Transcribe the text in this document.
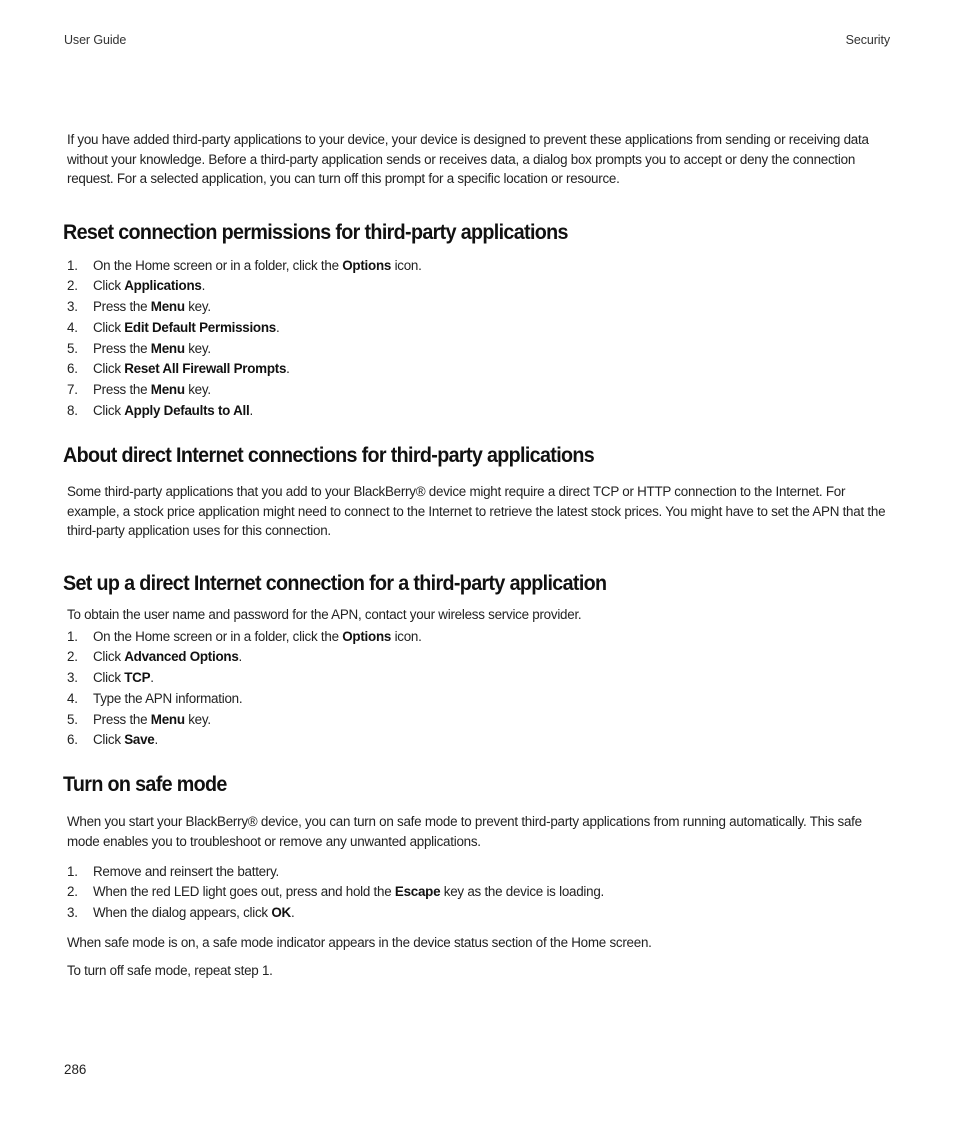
User Guide	Security

If you have added third-party applications to your device, your device is designed to prevent these applications from sending or receiving data without your knowledge. Before a third-party application sends or receives data, a dialog box prompts you to accept or deny the connection request. For a selected application, you can turn off this prompt for a specific location or resource.

Reset connection permissions for third-party applications
1.	On the Home screen or in a folder, click the Options icon.
2.	Click Applications.
3.	Press the Menu key.
4.	Click Edit Default Permissions.
5.	Press the Menu key.
6.	Click Reset All Firewall Prompts.
7.	Press the Menu key.
8.	Click Apply Defaults to All.
About direct Internet connections for third-party applications

Some third-party applications that you add to your BlackBerry® device might require a direct TCP or HTTP connection to the Internet. For example, a stock price application might need to connect to the Internet to retrieve the latest stock prices. You might have to set the APN that the third-party application uses for this connection.

Set up a direct Internet connection for a third-party application

To obtain the user name and password for the APN, contact your wireless service provider.

1.	On the Home screen or in a folder, click the Options icon.
2.	Click Advanced Options.
3.	Click TCP.
4.	Type the APN information.
5.	Press the Menu key.
6.	Click Save.
Turn on safe mode

When you start your BlackBerry® device, you can turn on safe mode to prevent third-party applications from running automatically. This safe mode enables you to troubleshoot or remove any unwanted applications.

1.	Remove and reinsert the battery.
2.	When the red LED light goes out, press and hold the Escape key as the device is loading.
3.	When the dialog appears, click OK.

When safe mode is on, a safe mode indicator appears in the device status section of the Home screen.

To turn off safe mode, repeat step 1.

286
